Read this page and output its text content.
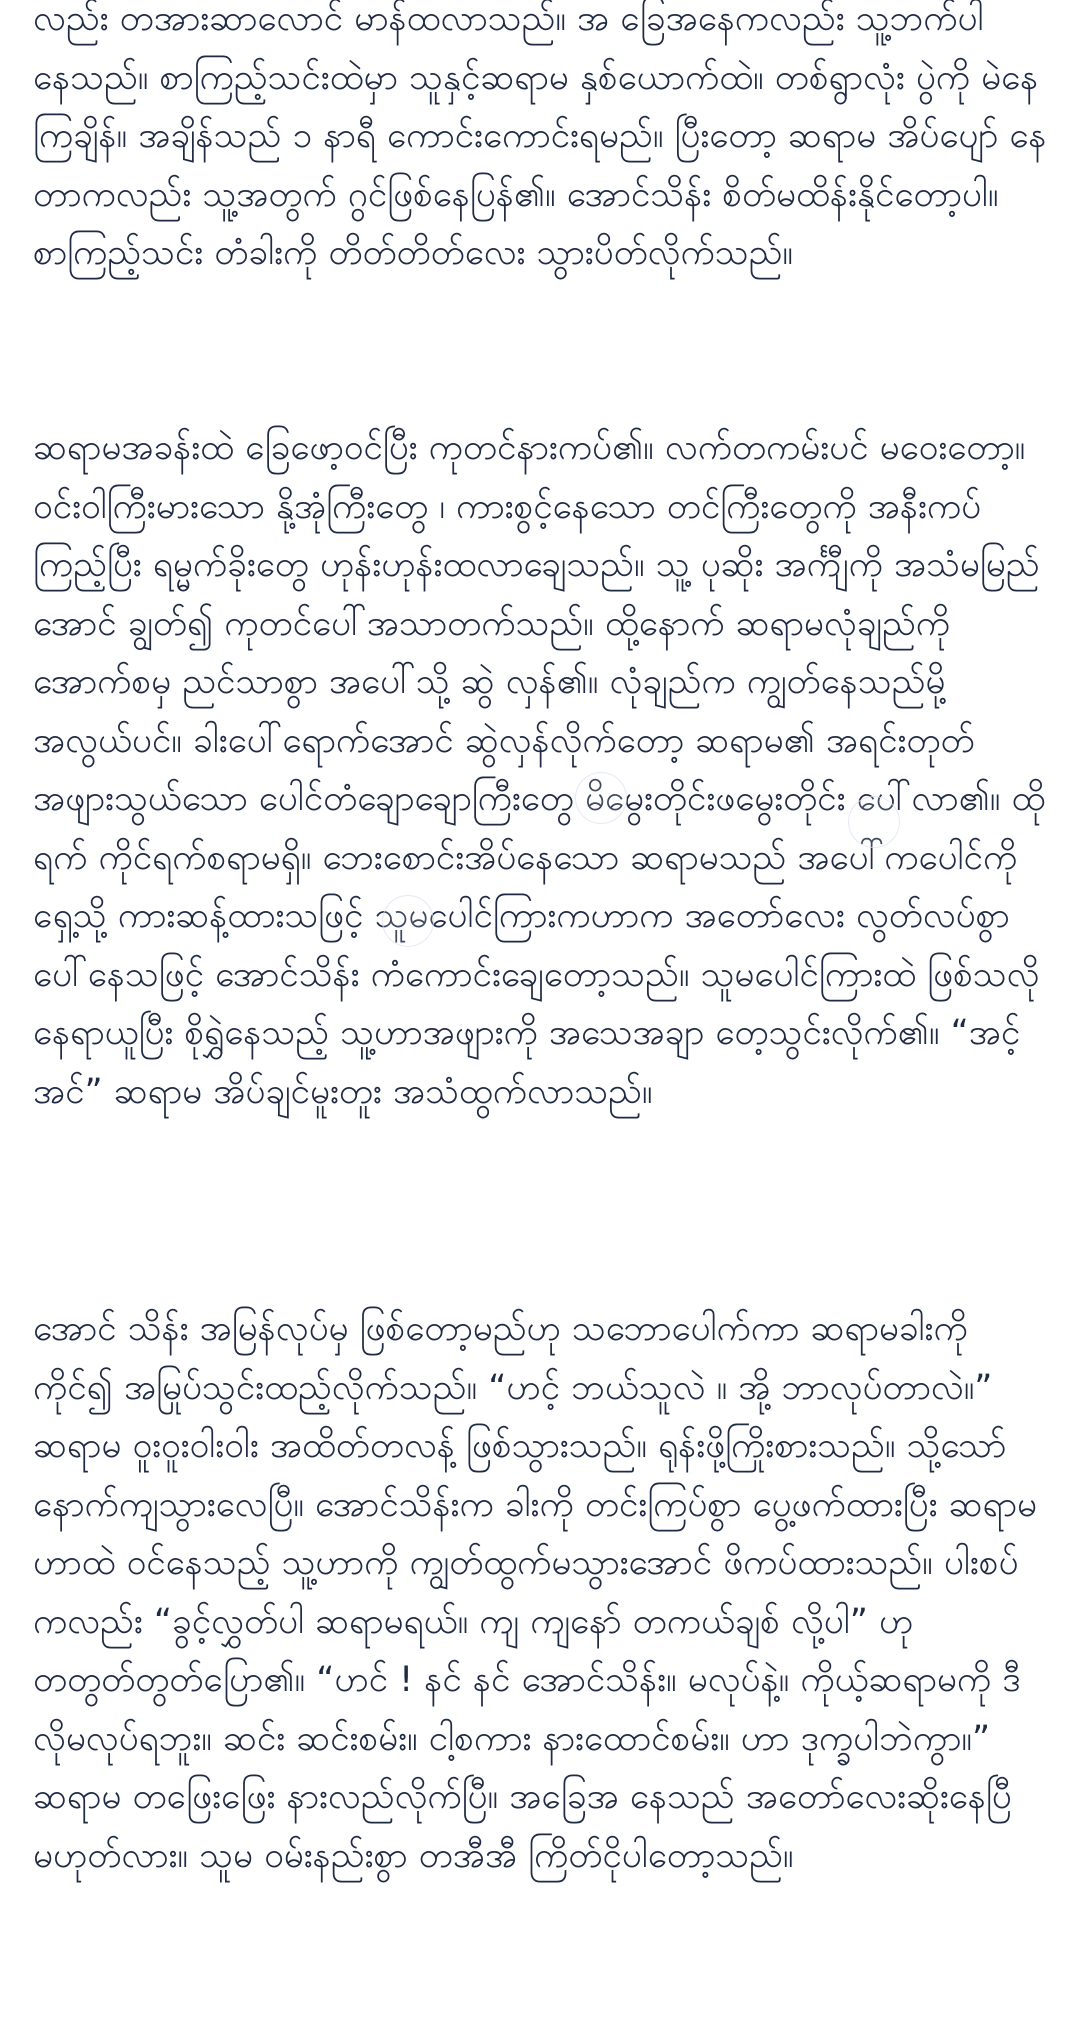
လည်း တအားဆာလောင် မာန်ထလာသည်။ အ ခြေအနေကလည်း သူ့ဘက်ပါနေသည်။ စာကြည့်သင်းထဲမှာ သူနှင့်ဆရာမ နှစ်ယောက်ထဲ။ တစ်ရွာလုံး ပွဲကို မဲနေကြချိန်။ အချိန်သည် ၁ နာရီ ကောင်းကောင်းရမည်။ ပြီးတော့ ဆရာမ အိပ်ပျော် နေတာကလည်း သူ့အတွက် ဂွင်ဖြစ်နေပြန်၏။ အောင်သိန်း စိတ်မထိန်းနိုင်တော့ပါ။ စာကြည့်သင်း တံခါးကို တိတ်တိတ်လေး သွားပိတ်လိုက်သည်။

ဆရာမအခန်းထဲ ခြေဖော့ဝင်ပြီး ကုတင်နားကပ်၏။ လက်တကမ်းပင် မဝေးတော့။ ဝင်းဝါကြီးမားသော နို့အုံကြီးတွေ ၊ ကားစွင့်နေသော တင်ကြီးတွေကို အနီးကပ်ကြည့်ပြီး ရမ္မက်ခိုးတွေ ဟုန်းဟုန်းထလာချေသည်။ သူ့ ပုဆိုး အင်္ကျီကို အသံမမြည်အောင် ချွတ်၍ ကုတင်ပေါ်အသာတက်သည်။ ထို့နောက် ဆရာမလုံချည်ကို အောက်စမှ ညင်သာစွာ အပေါ်သို့ ဆွဲ လှန်၏။ လုံချည်က ကျွတ်နေသည်မို့ အလွယ်ပင်။ ခါးပေါ်ရောက်အောင် ဆွဲလှန်လိုက်တော့ ဆရာမ၏ အရင်းတုတ် အဖျားသွယ်သော ပေါင်တံချောချောကြီးတွေ မိမွေးတိုင်းဖမွေးတိုင်း ပေါ်လာ၏။ ထိုရက် ကိုင်ရက်စရာမရှိ။ ဘေးစောင်းအိပ်နေသော ဆရာမသည် အပေါ်ကပေါင်ကို ရှေ့သို့ ကားဆန့်ထားသဖြင့် သူမပေါင်ကြားကဟာက အတော်လေး လွတ်လပ်စွာ ပေါ်နေသဖြင့် အောင်သိန်း ကံကောင်းချေတော့သည်။ သူမပေါင်ကြားထဲ ဖြစ်သလိုနေရာယူပြီး စိုရွှဲနေသည့် သူ့ဟာအဖျားကို အသေအချာ တေ့သွင်းလိုက်၏။ “အင့် အင်” ဆရာမ အိပ်ချင်မူးတူး အသံထွက်လာသည်။

အောင် သိန်း အမြန်လုပ်မှ ဖြစ်တော့မည်ဟု သဘောပေါက်ကာ ဆရာမခါးကိုကိုင်၍ အမြုပ်သွင်းထည့်လိုက်သည်။ “ဟင့် ဘယ်သူလဲ ။ အို့ ဘာလုပ်တာလဲ။” ဆရာမ ဝူးဝူးဝါးဝါး အထိတ်တလန့် ဖြစ်သွားသည်။ ရုန်းဖို့ကြိုးစားသည်။ သို့သော် နောက်ကျသွားလေပြီ။ အောင်သိန်းက ခါးကို တင်းကြပ်စွာ ပွေ့ဖက်ထားပြီး ဆရာမဟာထဲ ဝင်နေသည့် သူ့ဟာကို ကျွတ်ထွက်မသွားအောင် ဖိကပ်ထားသည်။ ပါးစပ်ကလည်း “ခွင့်လွှတ်ပါ ဆရာမရယ်။ ကျ ကျနော် တကယ်ချစ် လို့ပါ” ဟု တတွတ်တွတ်ပြော၏။ “ဟင် ! နင် နင် အောင်သိန်း။ မလုပ်နဲ့။ ကိုယ့်ဆရာမကို ဒီလိုမလုပ်ရဘူး။ ဆင်း ဆင်းစမ်း။ ငါ့စကား နားထောင်စမ်း။ ဟာ ဒုက္ခပါဘဲကွာ။” ဆရာမ တဖြေးဖြေး နားလည်လိုက်ပြီ။ အခြေအ နေသည် အတော်လေးဆိုးနေပြီ မဟုတ်လား။ သူမ ဝမ်းနည်းစွာ တအီအီ ကြိတ်ငိုပါတော့သည်။
